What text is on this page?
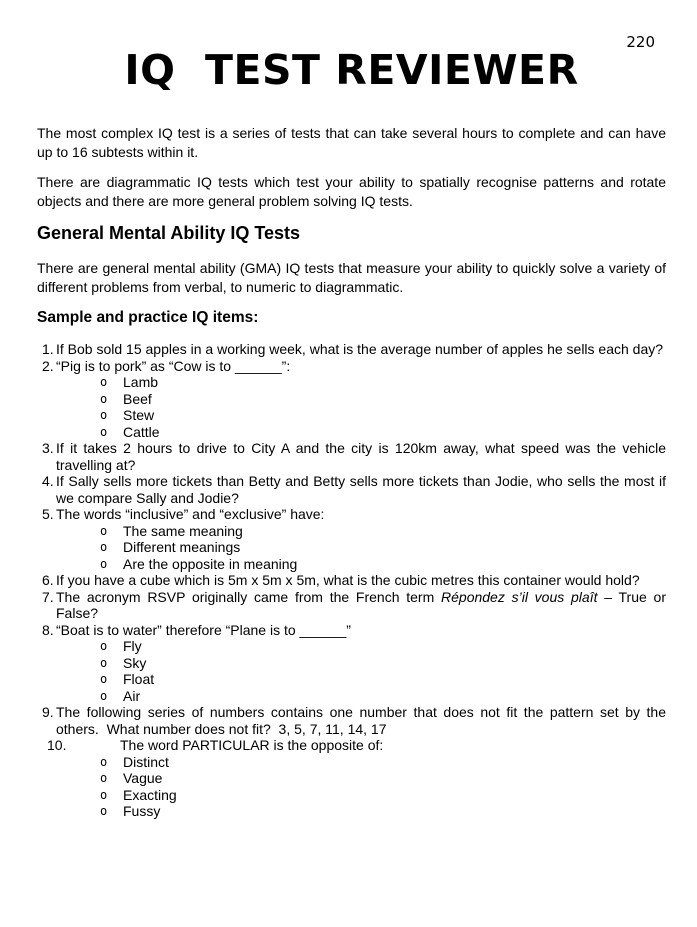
220
IQ  TEST REVIEWER

The most complex IQ test is a series of tests that can take several hours to complete and can have up to 16 subtests within it.

There are diagrammatic IQ tests which test your ability to spatially recognise patterns and rotate objects and there are more general problem solving IQ tests.

General Mental Ability IQ Tests

There are general mental ability (GMA) IQ tests that measure your ability to quickly solve a variety of different problems from verbal, to numeric to diagrammatic.

Sample and practice IQ items:
1. If Bob sold 15 apples in a working week, what is the average number of apples he sells each day?
2. “Pig is to pork” as “Cow is to ______”:
o	Lamb
o	Beef
o	Stew
o	Cattle
3. If it takes 2 hours to drive to City A and the city is 120km away, what speed was the vehicle travelling at?
4. If Sally sells more tickets than Betty and Betty sells more tickets than Jodie, who sells the most if we compare Sally and Jodie?
5. The words “inclusive” and “exclusive” have:
o	The same meaning
o	Different meanings
o	Are the opposite in meaning
6. If you have a cube which is 5m x 5m x 5m, what is the cubic metres this container would hold?
7. The acronym RSVP originally came from the French term Répondez s’il vous plaît – True or False?
8. “Boat is to water” therefore “Plane is to ______”
o	Fly
o	Sky
o	Float
o	Air
9. The following series of numbers contains one number that does not fit the pattern set by the others.  What number does not fit?  3, 5, 7, 11, 14, 17
10.	The word PARTICULAR is the opposite of:
o	Distinct
o	Vague
o	Exacting
o	Fussy
